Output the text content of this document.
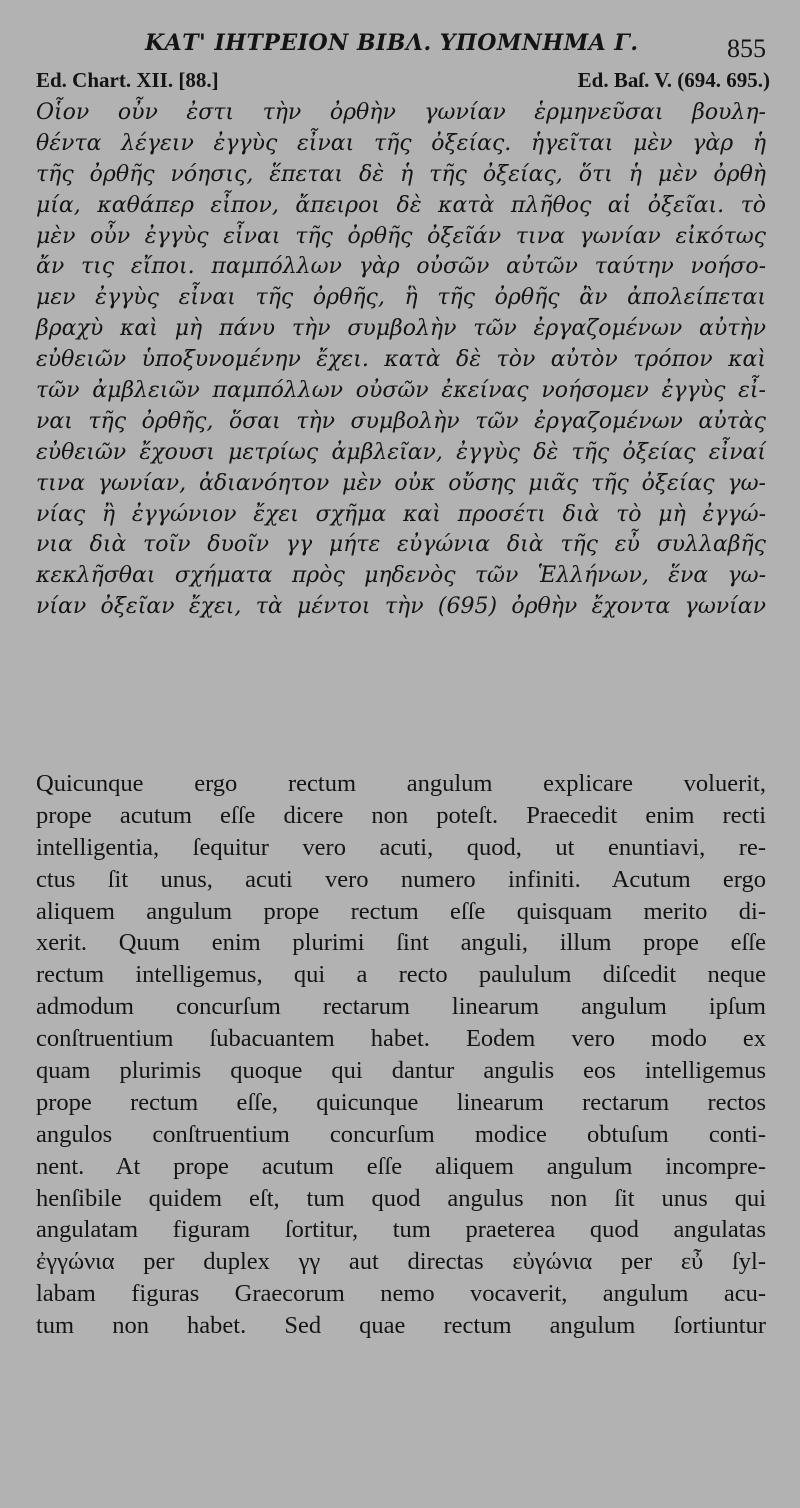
ΚΑΤ' ΙΗΤΡΕΙΟΝ ΒΙΒΛ. ΥΠΟΜΝΗΜΑ Γ.	855
Ed. Chart. XII. [88.]	Ed. Baſ. V. (694. 695.)
Οἷον οὖν ἐστι τὴν ὀρθὴν γωνίαν ἑρμηνεῦσαι βουλη-
θέντα λέγειν ἐγγὺς εἶναι τῆς ὀξείας. ἡγεῖται μὲν γὰρ ἡ
τῆς ὀρθῆς νόησις, ἕπεται δὲ ἡ τῆς ὀξείας, ὅτι ἡ μὲν ὀρθὴ
μία, καθάπερ εἶπον, ἄπειροι δὲ κατὰ πλῆθος αἱ ὀξεῖαι. τὸ
μὲν οὖν ἐγγὺς εἶναι τῆς ὀρθῆς ὀξεῖάν τινα γωνίαν εἰκότως
ἄν τις εἴποι. παμπόλλων γὰρ οὐσῶν αὐτῶν ταύτην νοήσο-
μεν ἐγγὺς εἶναι τῆς ὀρθῆς, ἣ τῆς ὀρθῆς ἂν ἀπολείπεται
βραχὺ καὶ μὴ πάνυ τὴν συμβολὴν τῶν ἐργαζομένων αὐτὴν
εὐθειῶν ὑποξυνομένην ἔχει. κατὰ δὲ τὸν αὐτὸν τρόπον καὶ
τῶν ἀμβλειῶν παμπόλλων οὐσῶν ἐκείνας νοήσομεν ἐγγὺς εἶ-
ναι τῆς ὀρθῆς, ὅσαι τὴν συμβολὴν τῶν ἐργαζομένων αὐτὰς
εὐθειῶν ἔχουσι μετρίως ἀμβλεῖαν, ἐγγὺς δὲ τῆς ὀξείας εἶναί
τινα γωνίαν, ἀδιανόητον μὲν οὐκ οὔσης μιᾶς τῆς ὀξείας γω-
νίας ἢ ἐγγώνιον ἔχει σχῆμα καὶ προσέτι διὰ τὸ μὴ ἐγγώ-
νια διὰ τοῖν δυοῖν γγ μήτε εὐγώνια διὰ τῆς εὖ συλλαβῆς
κεκλῆσθαι σχήματα πρὸς μηδενὸς τῶν Ἑλλήνων, ἕνα γω-
νίαν ὀξεῖαν ἔχει, τὰ μέντοι τὴν (695) ὀρθὴν ἔχοντα γωνίαν
Quicunque ergo rectum angulum explicare voluerit,
prope acutum eſſe dicere non poteſt. Praecedit enim recti
intelligentia, ſequitur vero acuti, quod, ut enuntiavi, re-
ctus ſit unus, acuti vero numero infiniti. Acutum ergo
aliquem angulum prope rectum eſſe quisquam merito di-
xerit. Quum enim plurimi ſint anguli, illum prope eſſe
rectum intelligemus, qui a recto paululum diſcedit neque
admodum concurſum rectarum linearum angulum ipſum
conſtruentium ſubacuantem habet. Eodem vero modo ex
quam plurimis quoque qui dantur angulis eos intelligemus
prope rectum eſſe, quicunque linearum rectarum rectos
angulos conſtruentium concurſum modice obtuſum conti-
nent. At prope acutum eſſe aliquem angulum incompre-
henſibile quidem eſt, tum quod angulus non ſit unus qui
angulatam figuram ſortitur, tum praeterea quod angulatas
ἐγγώνια per duplex γγ aut directas εὐγώνια per εὖ ſyl-
labam figuras Graecorum nemo vocaverit, angulum acu-
tum non habet. Sed quae rectum angulum ſortiuntur
